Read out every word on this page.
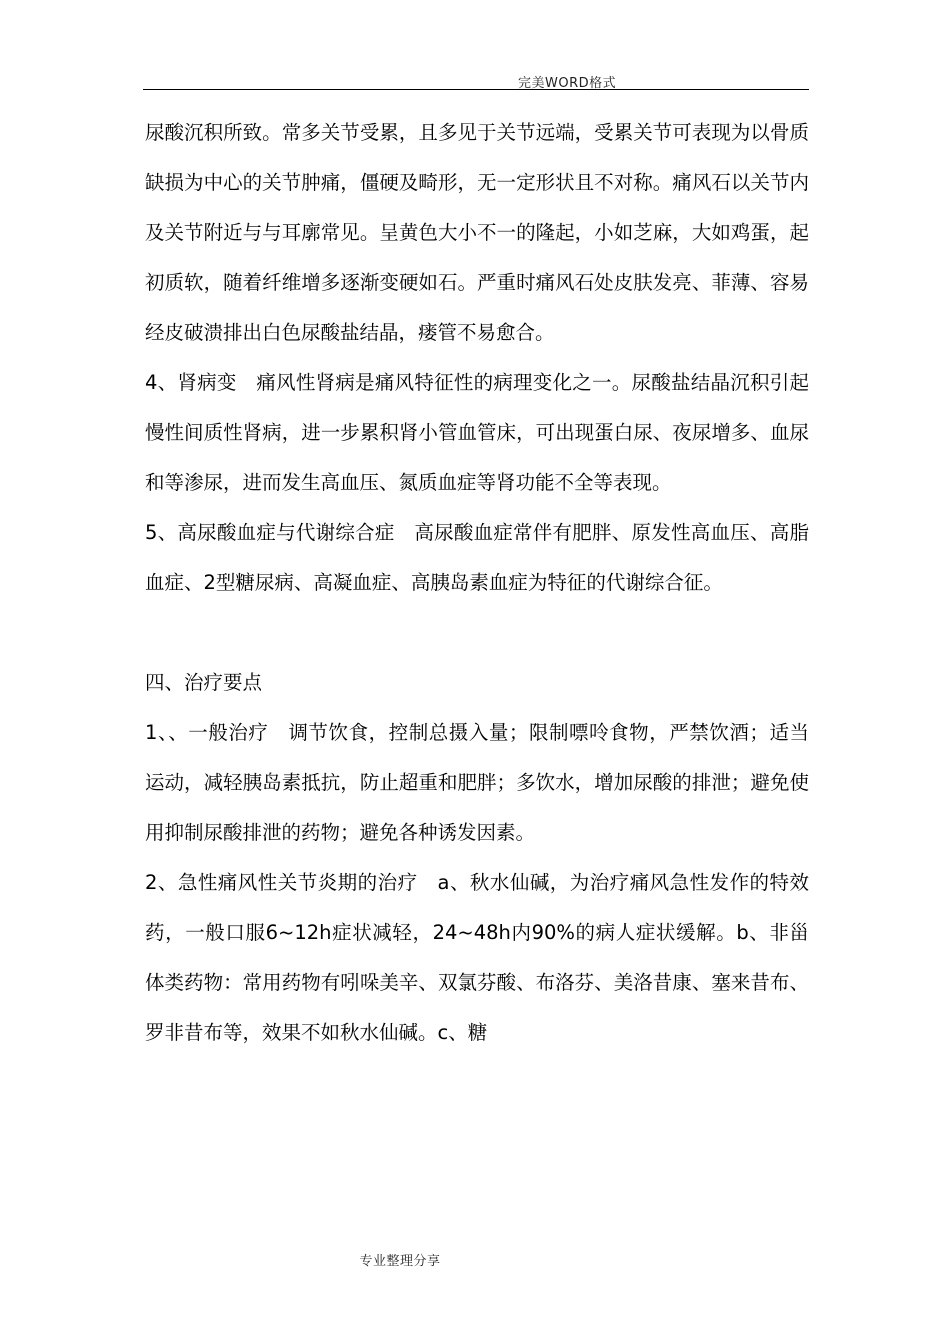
完美WORD格式

尿酸沉积所致。常多关节受累，且多见于关节远端，受累关节可表现为以骨质缺损为中心的关节肿痛，僵硬及畸形，无一定形状且不对称。痛风石以关节内及关节附近与与耳廓常见。呈黄色大小不一的隆起，小如芝麻，大如鸡蛋，起初质软，随着纤维增多逐渐变硬如石。严重时痛风石处皮肤发亮、菲薄、容易经皮破溃排出白色尿酸盐结晶，瘘管不易愈合。

4、肾病变　痛风性肾病是痛风特征性的病理变化之一。尿酸盐结晶沉积引起慢性间质性肾病，进一步累积肾小管血管床，可出现蛋白尿、夜尿增多、血尿和等渗尿，进而发生高血压、氮质血症等肾功能不全等表现。

5、高尿酸血症与代谢综合症　高尿酸血症常伴有肥胖、原发性高血压、高脂血症、2型糖尿病、高凝血症、高胰岛素血症为特征的代谢综合征。

四、治疗要点

1、、一般治疗　调节饮食，控制总摄入量；限制嘌呤食物，严禁饮酒；适当运动，减轻胰岛素抵抗，防止超重和肥胖；多饮水，增加尿酸的排泄；避免使用抑制尿酸排泄的药物；避免各种诱发因素。

2、急性痛风性关节炎期的治疗　a、秋水仙碱，为治疗痛风急性发作的特效药，一般口服6~12h症状减轻，24~48h内90%的病人症状缓解。b、非甾体类药物：常用药物有吲哚美辛、双氯芬酸、布洛芬、美洛昔康、塞来昔布、罗非昔布等，效果不如秋水仙碱。c、糖

专业整理分享
